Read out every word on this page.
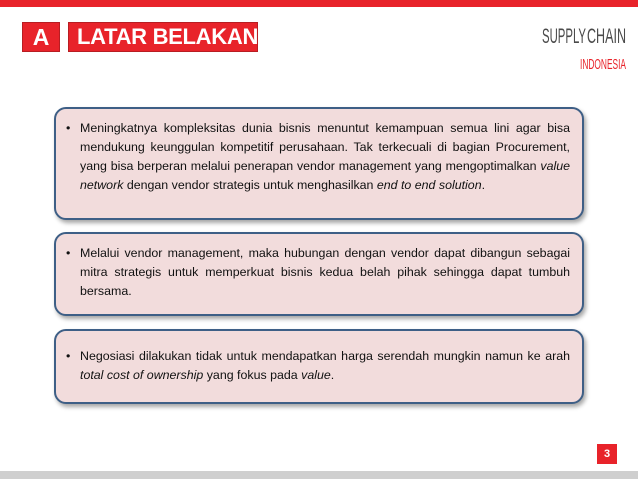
A	LATAR BELAKANG	SUPPLY CHAIN
INDONESIA
• Meningkatnya kompleksitas dunia bisnis menuntut kemampuan semua lini agar bisa mendukung keunggulan kompetitif perusahaan. Tak terkecuali di bagian Procurement, yang bisa berperan melalui penerapan vendor management yang mengoptimalkan value network dengan vendor strategis untuk menghasilkan end to end solution.
• Melalui vendor management, maka hubungan dengan vendor dapat dibangun sebagai mitra strategis untuk memperkuat bisnis kedua belah pihak sehingga dapat tumbuh bersama.
• Negosiasi dilakukan tidak untuk mendapatkan harga serendah mungkin namun ke arah total cost of ownership yang fokus pada value.
3
